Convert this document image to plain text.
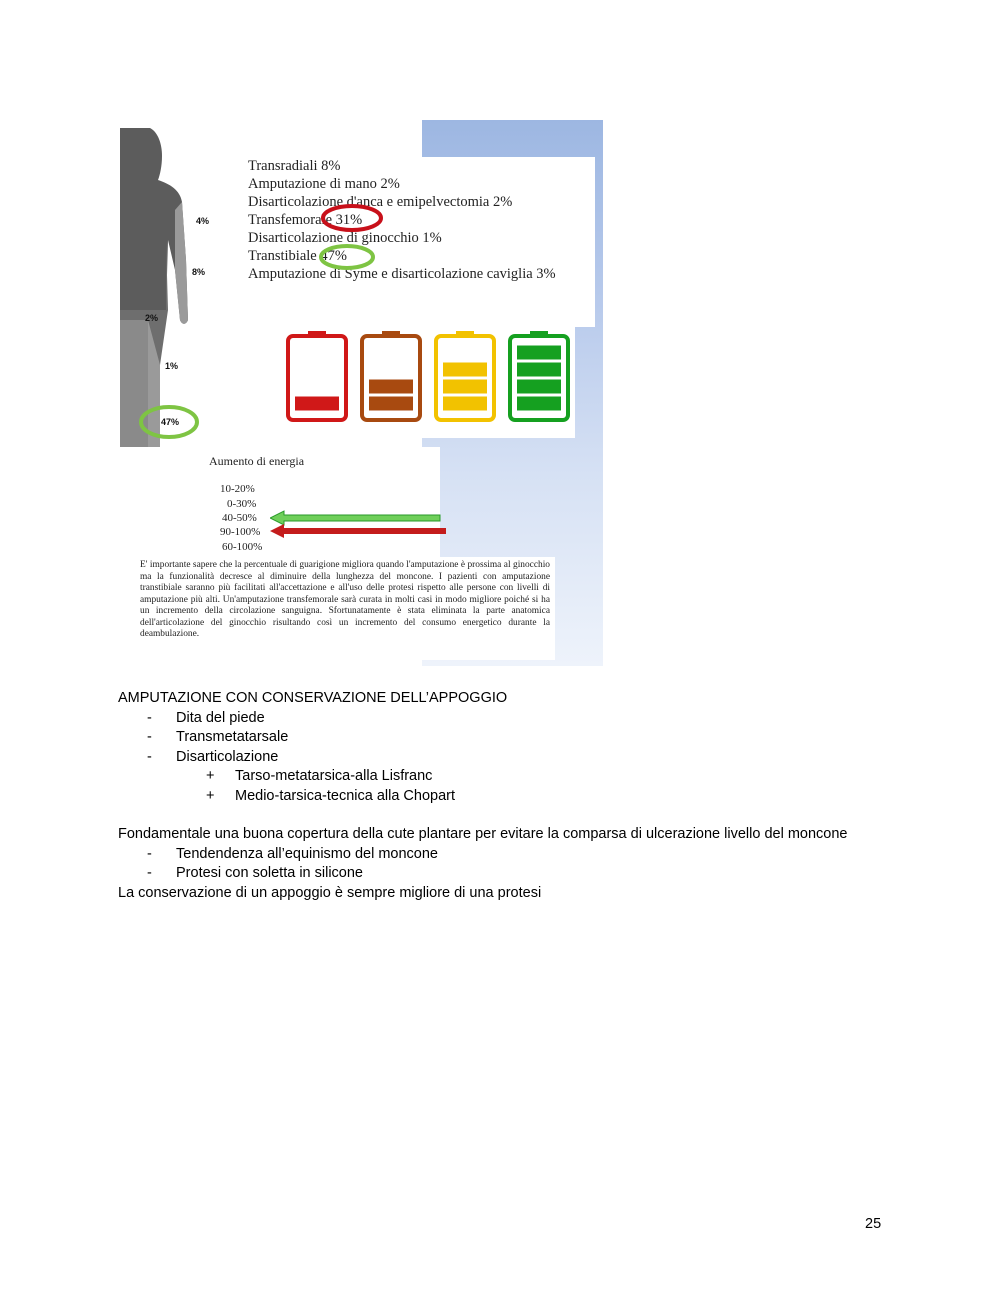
4%
8%
2%
1%
47%
Transradiali 8%
Amputazione di mano 2%
Disarticolazione d'anca e emipelvectomia 2%
Transfemorale 31%
Disarticolazione di ginocchio 1%
Transtibiale 47%
Amputazione di Syme e disarticolazione caviglia 3%
Aumento di energia
10-20%
0-30%
40-50%
90-100%
60-100%
E' importante sapere che la percentuale di guarigione migliora quando l'amputazione è prossima al ginocchio ma la funzionalità decresce al diminuire della lunghezza del moncone. I pazienti con amputazione transtibiale saranno più facilitati all'accettazione e all'uso delle protesi rispetto alle persone con livelli di amputazione più alti. Un'amputazione transfemorale sarà curata in molti casi in modo migliore poiché si ha un incremento della circolazione sanguigna. Sfortunatamente è stata eliminata la parte anatomica dell'articolazione del ginocchio risultando così un incremento del consumo energetico durante la deambulazione.
AMPUTAZIONE CON CONSERVAZIONE DELL’APPOGGIO
- Dita del piede
- Transmetatarsale
- Disarticolazione
+ Tarso-metatarsica-alla Lisfranc
+ Medio-tarsica-tecnica alla Chopart
Fondamentale una buona copertura della cute plantare per evitare la comparsa di ulcerazione livello del moncone
- Tendendenza all’equinismo del moncone
- Protesi con soletta in silicone
La conservazione di un appoggio è sempre migliore di una protesi
25
